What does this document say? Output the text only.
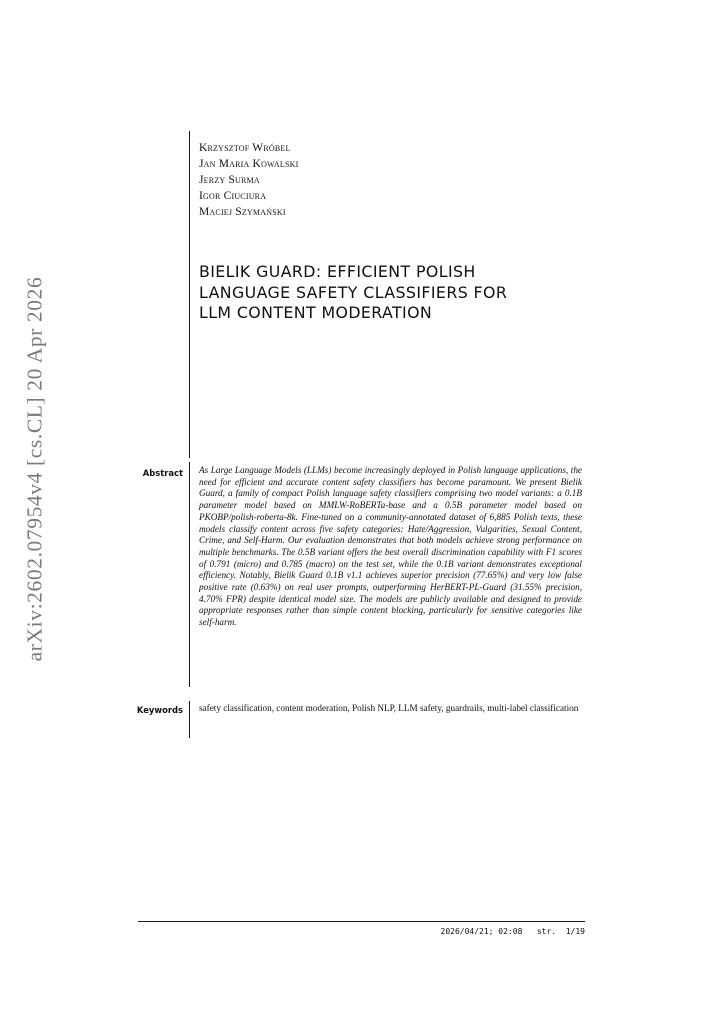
arXiv:2602.07954v4 [cs.CL] 20 Apr 2026
Krzysztof Wróbel
Jan Maria Kowalski
Jerzy Surma
Igor Ciuciura
Maciej Szymański
BIELIK GUARD: EFFICIENT POLISH
LANGUAGE SAFETY CLASSIFIERS FOR
LLM CONTENT MODERATION
Abstract As Large Language Models (LLMs) become increasingly deployed in Polish language applications, the need for efficient and accurate content safety classifiers has become paramount. We present Bielik Guard, a family of compact Polish language safety classifiers comprising two model variants: a 0.1B parameter model based on MMLW-RoBERTa-base and a 0.5B parameter model based on PKOBP/polish-roberta-8k. Fine-tuned on a community-annotated dataset of 6,885 Polish texts, these models classify content across five safety categories: Hate/Aggression, Vulgarities, Sexual Content, Crime, and Self-Harm. Our evaluation demonstrates that both models achieve strong performance on multiple benchmarks. The 0.5B variant offers the best overall discrimination capability with F1 scores of 0.791 (micro) and 0.785 (macro) on the test set, while the 0.1B variant demonstrates exceptional efficiency. Notably, Bielik Guard 0.1B v1.1 achieves superior precision (77.65%) and very low false positive rate (0.63%) on real user prompts, outperforming HerBERT-PL-Guard (31.55% precision, 4.70% FPR) despite identical model size. The models are publicly available and designed to provide appropriate responses rather than simple content blocking, particularly for sensitive categories like self-harm.

Keywords safety classification, content moderation, Polish NLP, LLM safety, guardrails, multi-label classification

2026/04/21; 02:08   str.  1/19
